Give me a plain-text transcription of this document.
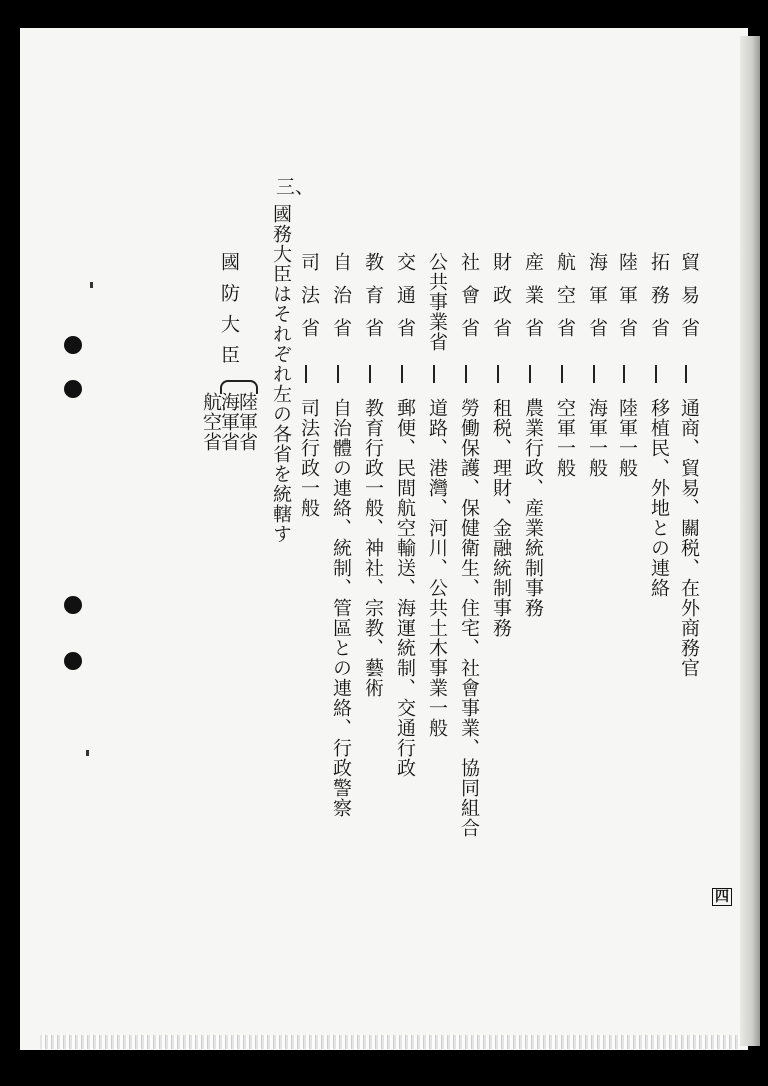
貿易省
通商、貿易、關税、在外商務官
拓務省
移植民、外地との連絡
陸軍省
陸軍一般
海軍省
海軍一般
航空省
空軍一般
産業省
農業行政、産業統制事務
財政省
租税、理財、金融統制事務
社會省
勞働保護、保健衛生、住宅、社會事業、協同組合
公共事業省
道路、港灣、河川、公共土木事業一般
交通省
郵便、民間航空輸送、海運統制、交通行政
教育省
教育行政一般、神社、宗教、藝術
自治省
自治體の連絡、統制、管區との連絡、行政警察
司法省
司法行政一般
三、
國務大臣はそれぞれ左の各省を統轄す
國防大臣
陸軍省
海軍省
航空省
四
